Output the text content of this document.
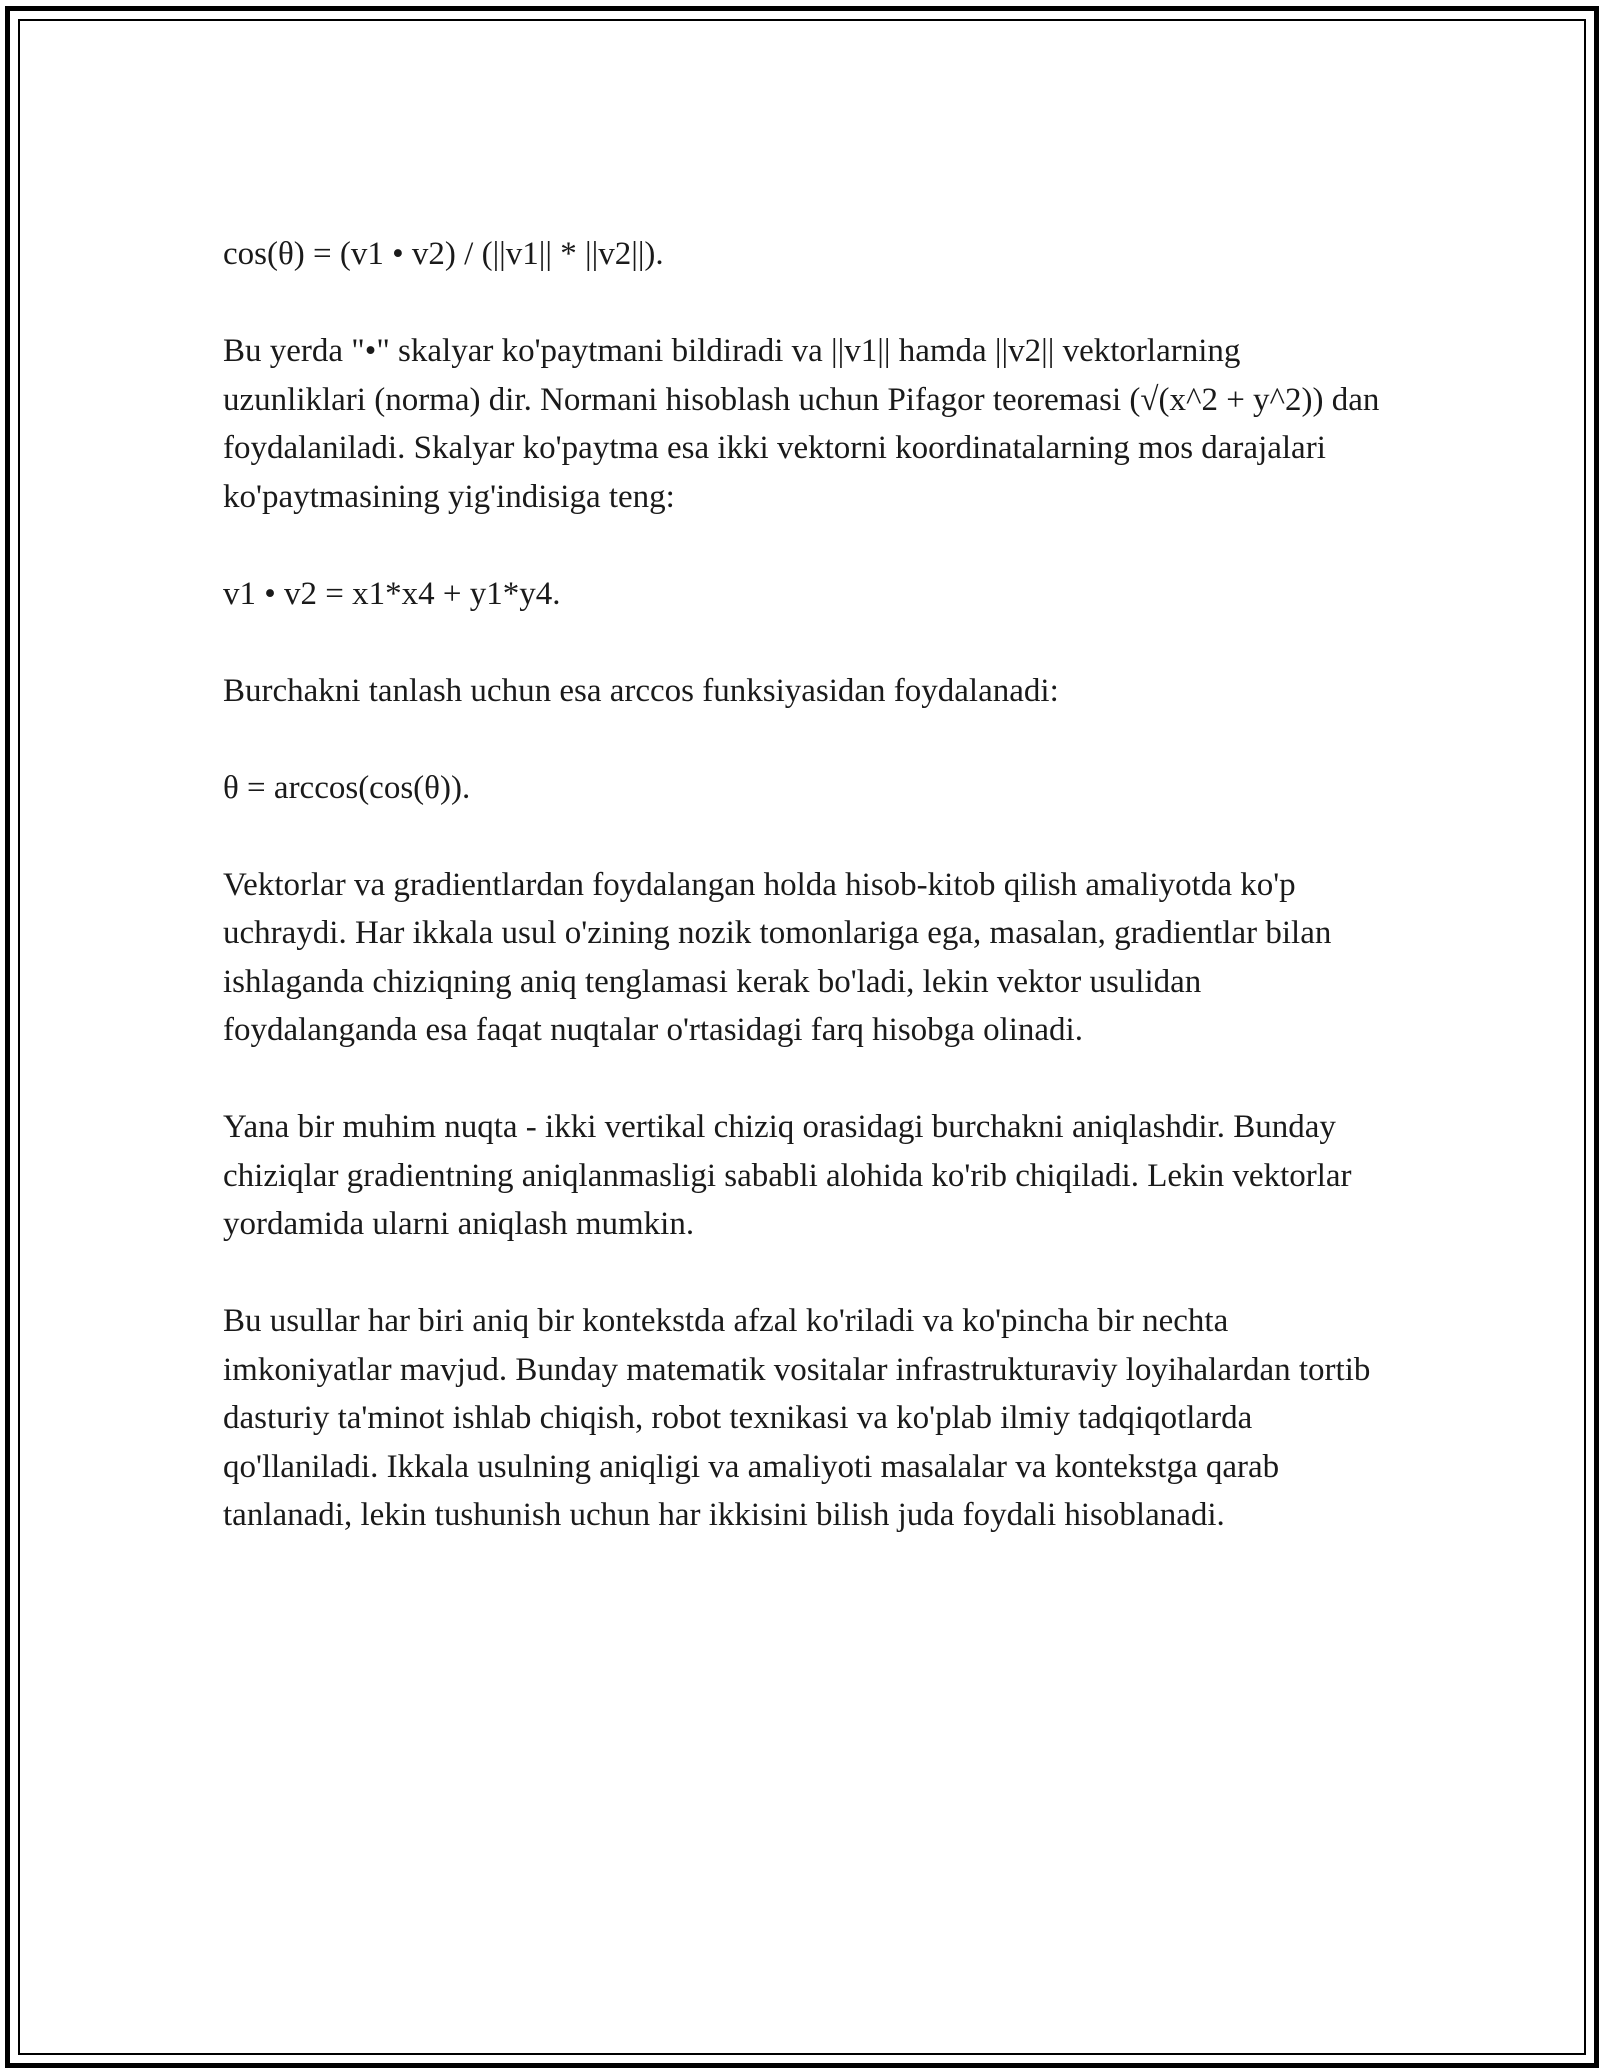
cos(θ) = (v1 • v2) / (||v1|| * ||v2||).

Bu yerda "•" skalyar ko'paytmani bildiradi va ||v1|| hamda ||v2|| vektorlarning uzunliklari (norma) dir. Normani hisoblash uchun Pifagor teoremasi (√(x^2 + y^2)) dan foydalaniladi. Skalyar ko'paytma esa ikki vektorni koordinatalarning mos darajalari ko'paytmasining yig'indisiga teng:

v1 • v2 = x1*x4 + y1*y4.

Burchakni tanlash uchun esa arccos funksiyasidan foydalanadi:

θ = arccos(cos(θ)).

Vektorlar va gradientlardan foydalangan holda hisob-kitob qilish amaliyotda ko'p uchraydi. Har ikkala usul o'zining nozik tomonlariga ega, masalan, gradientlar bilan ishlaganda chiziqning aniq tenglamasi kerak bo'ladi, lekin vektor usulidan foydalanganda esa faqat nuqtalar o'rtasidagi farq hisobga olinadi.

Yana bir muhim nuqta - ikki vertikal chiziq orasidagi burchakni aniqlashdir. Bunday chiziqlar gradientning aniqlanmasligi sababli alohida ko'rib chiqiladi. Lekin vektorlar yordamida ularni aniqlash mumkin.

Bu usullar har biri aniq bir kontekstda afzal ko'riladi va ko'pincha bir nechta imkoniyatlar mavjud. Bunday matematik vositalar infrastrukturaviy loyihalardan tortib dasturiy ta'minot ishlab chiqish, robot texnikasi va ko'plab ilmiy tadqiqotlarda qo'llaniladi. Ikkala usulning aniqligi va amaliyoti masalalar va kontekstga qarab tanlanadi, lekin tushunish uchun har ikkisini bilish juda foydali hisoblanadi.
